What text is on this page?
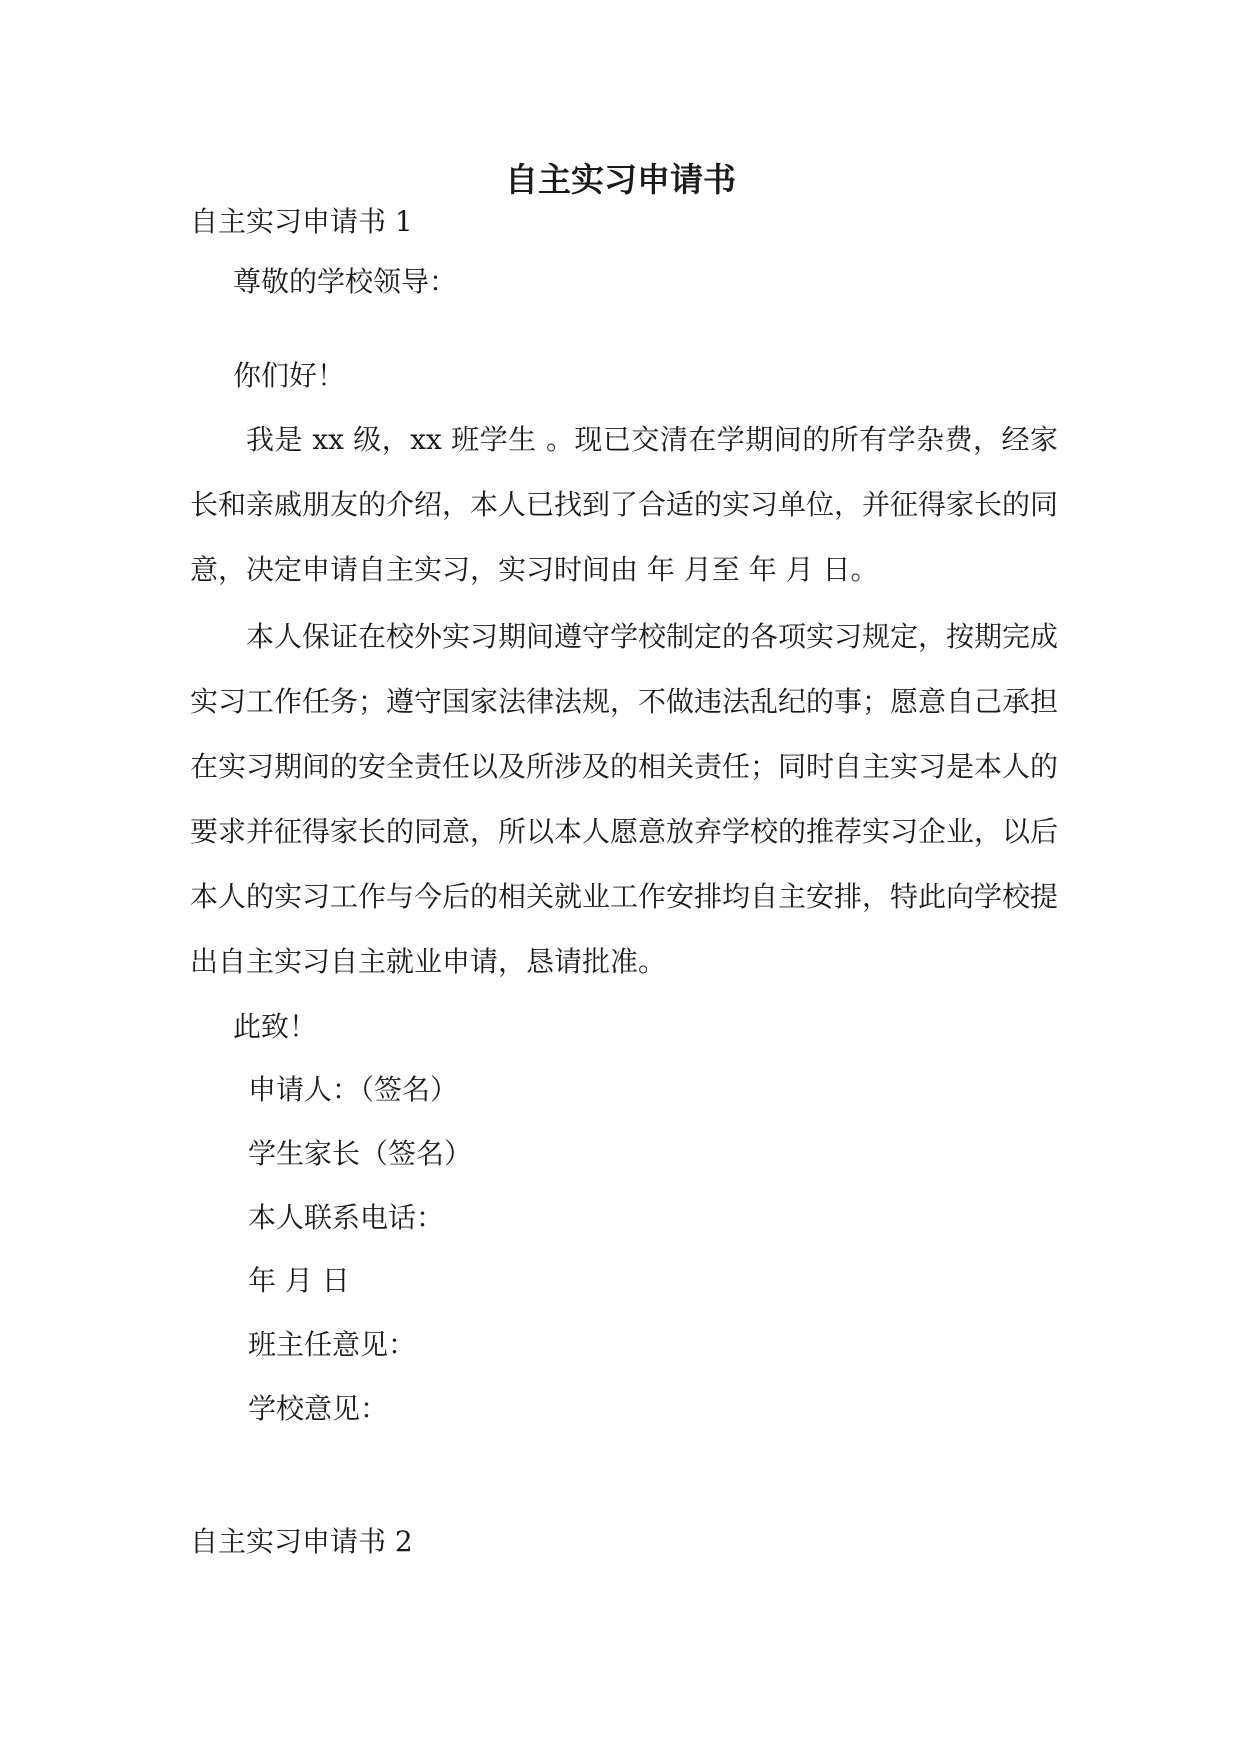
自主实习申请书

自主实习申请书 1

尊敬的学校领导：

你们好！

我是 xx 级，xx 班学生 。现已交清在学期间的所有学杂费，经家长和亲戚朋友的介绍，本人已找到了合适的实习单位，并征得家长的同意，决定申请自主实习，实习时间由 年 月至 年 月 日。

本人保证在校外实习期间遵守学校制定的各项实习规定，按期完成实习工作任务；遵守国家法律法规，不做违法乱纪的事；愿意自己承担在实习期间的安全责任以及所涉及的相关责任；同时自主实习是本人的要求并征得家长的同意，所以本人愿意放弃学校的推荐实习企业，以后本人的实习工作与今后的相关就业工作安排均自主安排，特此向学校提出自主实习自主就业申请，恳请批准。

此致！

申请人：（签名）

学生家长（签名）

本人联系电话：

年 月 日

班主任意见：

学校意见：

自主实习申请书 2
